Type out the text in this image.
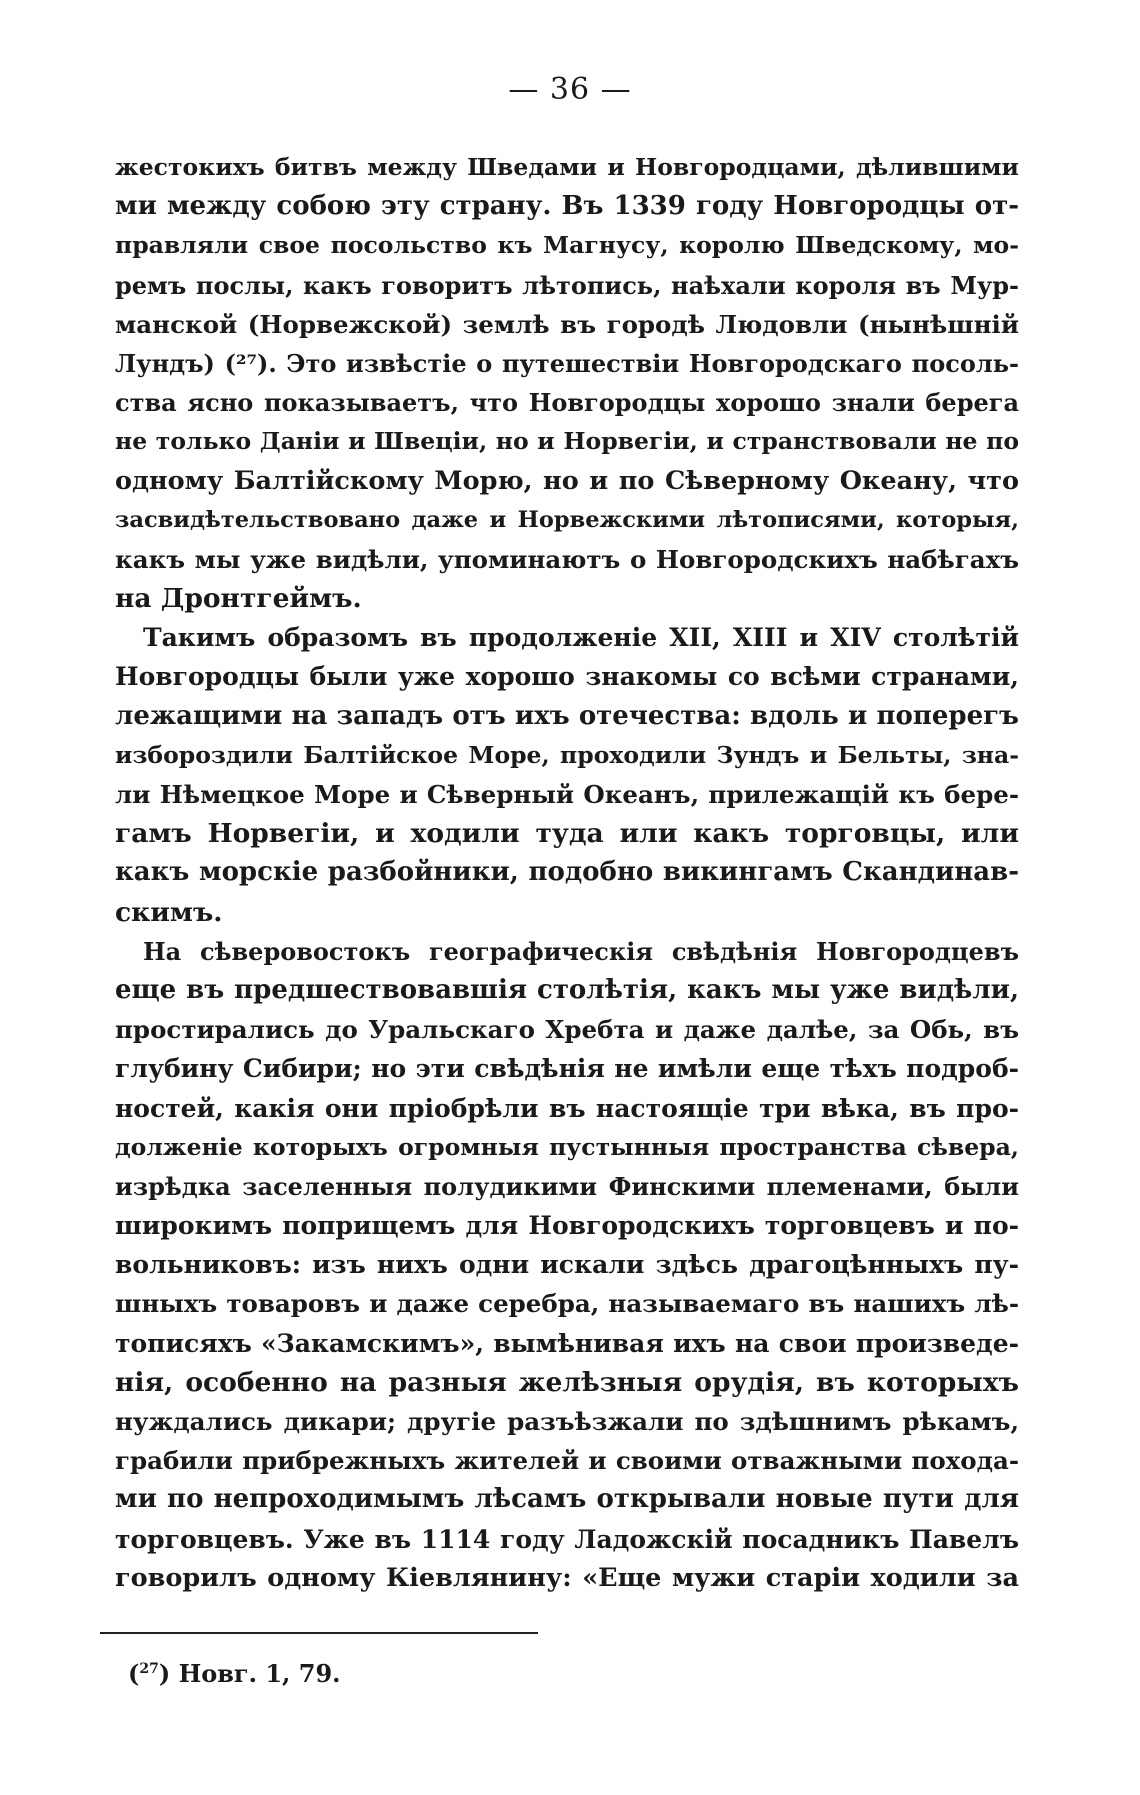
— 36 —
жестокихъ битвъ между Шведами и Новгородцами, дѣлившими
ми между собою эту страну. Въ 1339 году Новгородцы от-
правляли свое посольство къ Магнусу, королю Шведскому, мо-
ремъ послы, какъ говоритъ лѣтопись, наѣхали короля въ Мур-
манской (Норвежской) землѣ въ городѣ Людовли (нынѣшній
Лундъ) (²⁷). Это извѣстіе о путешествіи Новгородскаго посоль-
ства ясно показываетъ, что Новгородцы хорошо знали берега
не только Даніи и Швеціи, но и Норвегіи, и странствовали не по
одному Балтійскому Морю, но и по Сѣверному Океану, что
засвидѣтельствовано даже и Норвежскими лѣтописями, которыя,
какъ мы уже видѣли, упоминаютъ о Новгородскихъ набѣгахъ
на Дронтгеймъ.
Такимъ образомъ въ продолженіе XII, XIII и XIV столѣтій
Новгородцы были уже хорошо знакомы со всѣми странами,
лежащими на западъ отъ ихъ отечества: вдоль и поперегъ
избороздили Балтійское Море, проходили Зундъ и Бельты, зна-
ли Нѣмецкое Море и Сѣверный Океанъ, прилежащій къ бере-
гамъ Норвегіи, и ходили туда или какъ торговцы, или
какъ морскіе разбойники, подобно викингамъ Скандинав-
скимъ.
На сѣверовостокъ географическія свѣдѣнія Новгородцевъ
еще въ предшествовавшія столѣтія, какъ мы уже видѣли,
простирались до Уральскаго Хребта и даже далѣе, за Обь, въ
глубину Сибири; но эти свѣдѣнія не имѣли еще тѣхъ подроб-
ностей, какія они пріобрѣли въ настоящіе три вѣка, въ про-
долженіе которыхъ огромныя пустынныя пространства сѣвера,
изрѣдка заселенныя полудикими Финскими племенами, были
широкимъ поприщемъ для Новгородскихъ торговцевъ и по-
вольниковъ: изъ нихъ одни искали здѣсь драгоцѣнныхъ пу-
шныхъ товаровъ и даже серебра, называемаго въ нашихъ лѣ-
тописяхъ «Закамскимъ», вымѣнивая ихъ на свои произведе-
нія, особенно на разныя желѣзныя орудія, въ которыхъ
нуждались дикари; другіе разъѣзжали по здѣшнимъ рѣкамъ,
грабили прибрежныхъ жителей и своими отважными похода-
ми по непроходимымъ лѣсамъ открывали новые пути для
торговцевъ. Уже въ 1114 году Ладожскій посадникъ Павелъ
говорилъ одному Кіевлянину: «Еще мужи старіи ходили за
($^{27}$) Новг. 1, 79.
